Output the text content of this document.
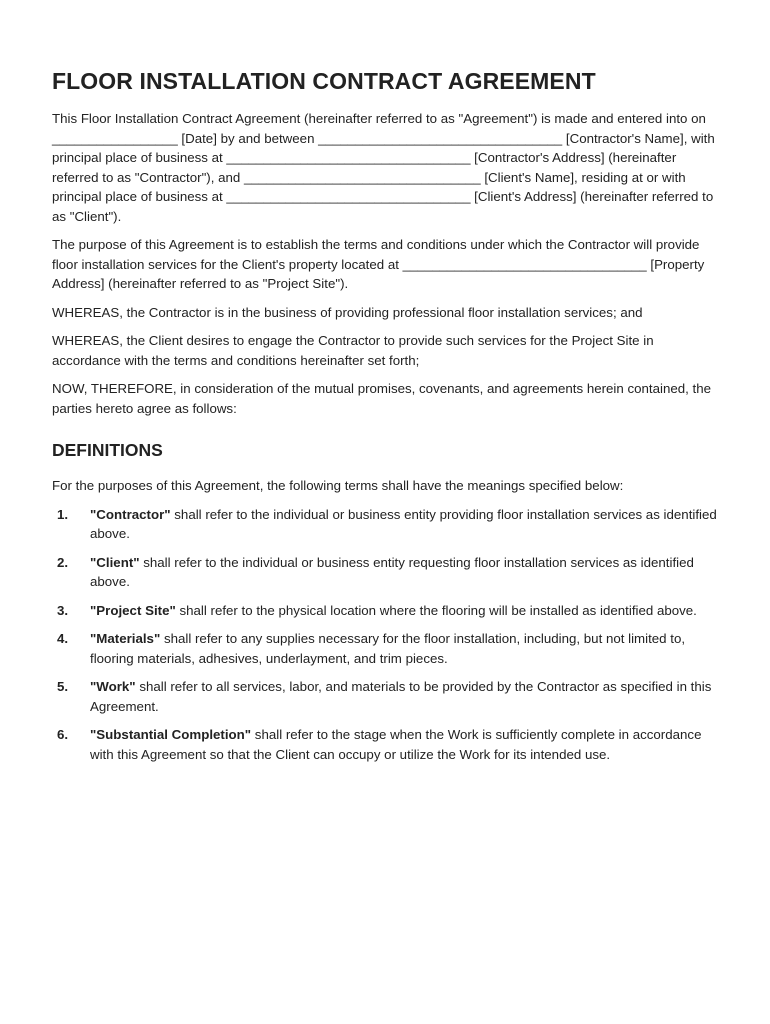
FLOOR INSTALLATION CONTRACT AGREEMENT

This Floor Installation Contract Agreement (hereinafter referred to as "Agreement") is made and entered into on _________________ [Date] by and between _________________________________ [Contractor's Name], with principal place of business at _________________________________ [Contractor's Address] (hereinafter referred to as "Contractor"), and ________________________________ [Client's Name], residing at or with principal place of business at _________________________________ [Client's Address] (hereinafter referred to as "Client").

The purpose of this Agreement is to establish the terms and conditions under which the Contractor will provide floor installation services for the Client's property located at _________________________________ [Property Address] (hereinafter referred to as "Project Site").

WHEREAS, the Contractor is in the business of providing professional floor installation services; and

WHEREAS, the Client desires to engage the Contractor to provide such services for the Project Site in accordance with the terms and conditions hereinafter set forth;

NOW, THEREFORE, in consideration of the mutual promises, covenants, and agreements herein contained, the parties hereto agree as follows:

DEFINITIONS

For the purposes of this Agreement, the following terms shall have the meanings specified below:

1. "Contractor" shall refer to the individual or business entity providing floor installation services as identified above.
2. "Client" shall refer to the individual or business entity requesting floor installation services as identified above.
3. "Project Site" shall refer to the physical location where the flooring will be installed as identified above.
4. "Materials" shall refer to any supplies necessary for the floor installation, including, but not limited to, flooring materials, adhesives, underlayment, and trim pieces.
5. "Work" shall refer to all services, labor, and materials to be provided by the Contractor as specified in this Agreement.
6. "Substantial Completion" shall refer to the stage when the Work is sufficiently complete in accordance with this Agreement so that the Client can occupy or utilize the Work for its intended use.
